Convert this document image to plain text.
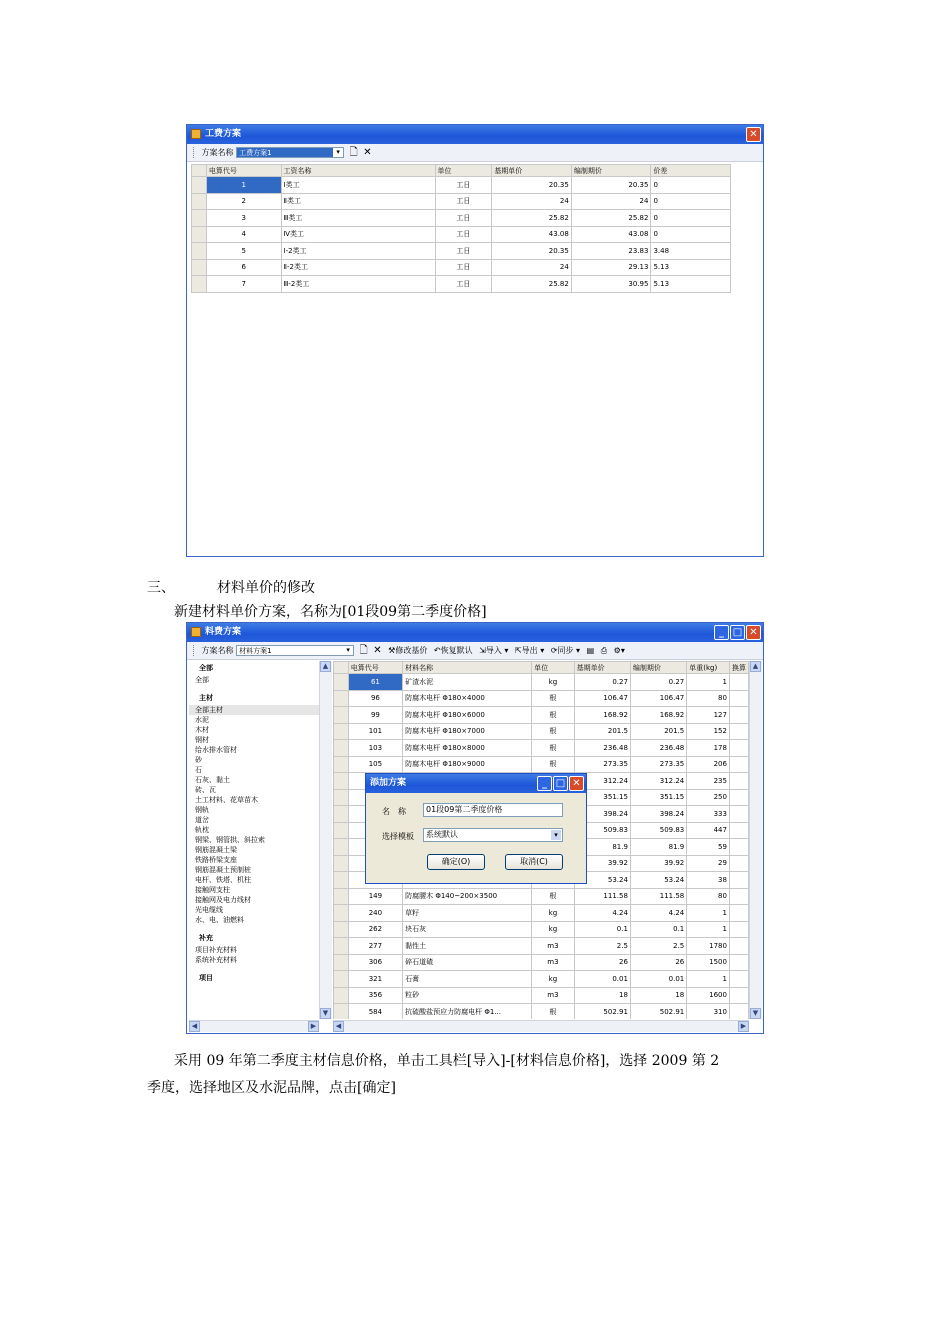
工费方案	✕
方案名称 工费方案1	▾ 🗋 ✕
	电算代号	工资名称	单位	基期单价	编制期价	价差
	1	Ⅰ类工	工日	20.35	20.35	0
	2	Ⅱ类工	工日	24	24	0
	3	Ⅲ类工	工日	25.82	25.82	0
	4	Ⅳ类工	工日	43.08	43.08	0
	5	Ⅰ-2类工	工日	20.35	23.83	3.48
	6	Ⅱ-2类工	工日	24	29.13	5.13
	7	Ⅲ-2类工	工日	25.82	30.95	5.13
三、	材料单价的修改
新建材料单价方案，名称为[01段09第二季度价格]
料费方案	_ □ ✕
方案名称 材料方案1	▾ 🗋 ✕ ⚒修改基价 ↶恢复默认 ⇲导入 ▾ ⇱导出 ▾ ⟳同步 ▾ ▤ ⎙ ⚙▾
全部
全部
主材
全部主材
水泥
木材
钢材
给水排水管材
砂
石
石灰、黏土
砖、瓦
土工材料、花草苗木
钢轨
道岔
轨枕
钢梁、钢管拱、斜拉索
钢筋混凝土梁
铁路桥梁支座
钢筋混凝土预制桩
电杆、铁塔、机柱
接触网支柱
接触网及电力线材
光电缆线
水、电、油燃料
补充
项目补充材料
系统补充材料
项目
▲
▼
◀	▶
	电算代号	材料名称	单位	基期单价	编制期价	单重(kg)	换算
	61	矿渣水泥	kg	0.27	0.27	1	
	96	防腐木电杆 Φ180×4000	根	106.47	106.47	80	
	99	防腐木电杆 Φ180×6000	根	168.92	168.92	127	
	101	防腐木电杆 Φ180×7000	根	201.5	201.5	152	
	103	防腐木电杆 Φ180×8000	根	236.48	236.48	178	
	105	防腐木电杆 Φ180×9000	根	273.35	273.35	206	
				312.24	312.24	235	
				351.15	351.15	250	
				398.24	398.24	333	
				509.83	509.83	447	
				81.9	81.9	59	
				39.92	39.92	29	
				53.24	53.24	38	
	149	防腐腰木 Φ140~200×3500	根	111.58	111.58	80	
	240	草籽	kg	4.24	4.24	1	
	262	块石灰	kg	0.1	0.1	1	
	277	黏性土	m3	2.5	2.5	1780	
	306	碎石道碴	m3	26	26	1500	
	321	石膏	kg	0.01	0.01	1	
	356	粒砂	m3	18	18	1600	
	584	抗硫酸盐预应力防腐电杆 Φ1...	根	502.91	502.91	310	
▲
▼
◀	▶
添加方案	_ □ ✕
名　称	01段09第二季度价格
选择模板	系统默认	▾
确定(O)	取消(C)
采用 09 年第二季度主材信息价格，单击工具栏[导入]-[材料信息价格]，选择 2009 第 2
季度，选择地区及水泥品牌，点击[确定]
